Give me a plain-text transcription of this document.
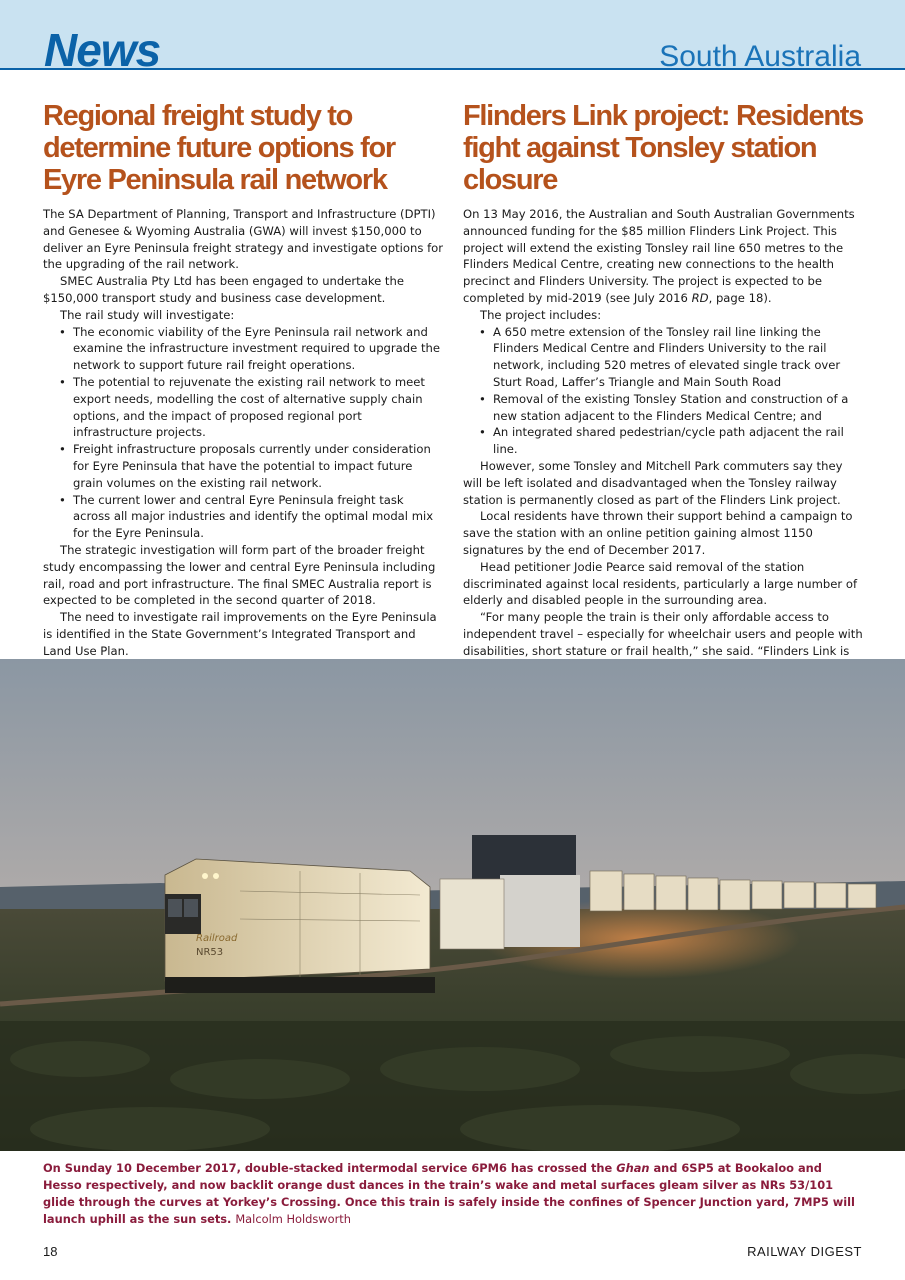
News	South Australia
Regional freight study to determine future options for Eyre Peninsula rail network

The SA Department of Planning, Transport and Infrastructure (DPTI) and Genesee & Wyoming Australia (GWA) will invest $150,000 to deliver an Eyre Peninsula freight strategy and investigate options for the upgrading of the rail network.

SMEC Australia Pty Ltd has been engaged to undertake the $150,000 transport study and business case development.

The rail study will investigate:

• The economic viability of the Eyre Peninsula rail network and examine the infrastructure investment required to upgrade the network to support future rail freight operations.
• The potential to rejuvenate the existing rail network to meet export needs, modelling the cost of alternative supply chain options, and the impact of proposed regional port infrastructure projects.
• Freight infrastructure proposals currently under consideration for Eyre Peninsula that have the potential to impact future grain volumes on the existing rail network.
• The current lower and central Eyre Peninsula freight task across all major industries and identify the optimal modal mix for the Eyre Peninsula.

The strategic investigation will form part of the broader freight study encompassing the lower and central Eyre Peninsula including rail, road and port infrastructure. The final SMEC Australia report is expected to be completed in the second quarter of 2018.

The need to investigate rail improvements on the Eyre Peninsula is identified in the State Government’s Integrated Transport and Land Use Plan.

Flinders Link project: Residents fight against Tonsley station closure

On 13 May 2016, the Australian and South Australian Governments announced funding for the $85 million Flinders Link Project. This project will extend the existing Tonsley rail line 650 metres to the Flinders Medical Centre, creating new connections to the health precinct and Flinders University. The project is expected to be completed by mid-2019 (see July 2016 RD, page 18).

The project includes:

• A 650 metre extension of the Tonsley rail line linking the Flinders Medical Centre and Flinders University to the rail network, including 520 metres of elevated single track over Sturt Road, Laffer’s Triangle and Main South Road
• Removal of the existing Tonsley Station and construction of a new station adjacent to the Flinders Medical Centre; and
• An integrated shared pedestrian/cycle path adjacent the rail line.

However, some Tonsley and Mitchell Park commuters say they will be left isolated and disadvantaged when the Tonsley railway station is permanently closed as part of the Flinders Link project.

Local residents have thrown their support behind a campaign to save the station with an online petition gaining almost 1150 signatures by the end of December 2017.

Head petitioner Jodie Pearce said removal of the station discriminated against local residents, particularly a large number of elderly and disabled people in the surrounding area.

“For many people the train is their only affordable access to independent travel – especially for wheelchair users and people with disabilities, short stature or frail health,” she said. “Flinders Link is

Railroad
NR53

On Sunday 10 December 2017, double-stacked intermodal service 6PM6 has crossed the Ghan and 6SP5 at Bookaloo and Hesso respectively, and now backlit orange dust dances in the train’s wake and metal surfaces gleam silver as NRs 53/101 glide through the curves at Yorkey’s Crossing. Once this train is safely inside the confines of Spencer Junction yard, 7MP5 will launch uphill as the sun sets. Malcolm Holdsworth

18	RAILWAY DIGEST
